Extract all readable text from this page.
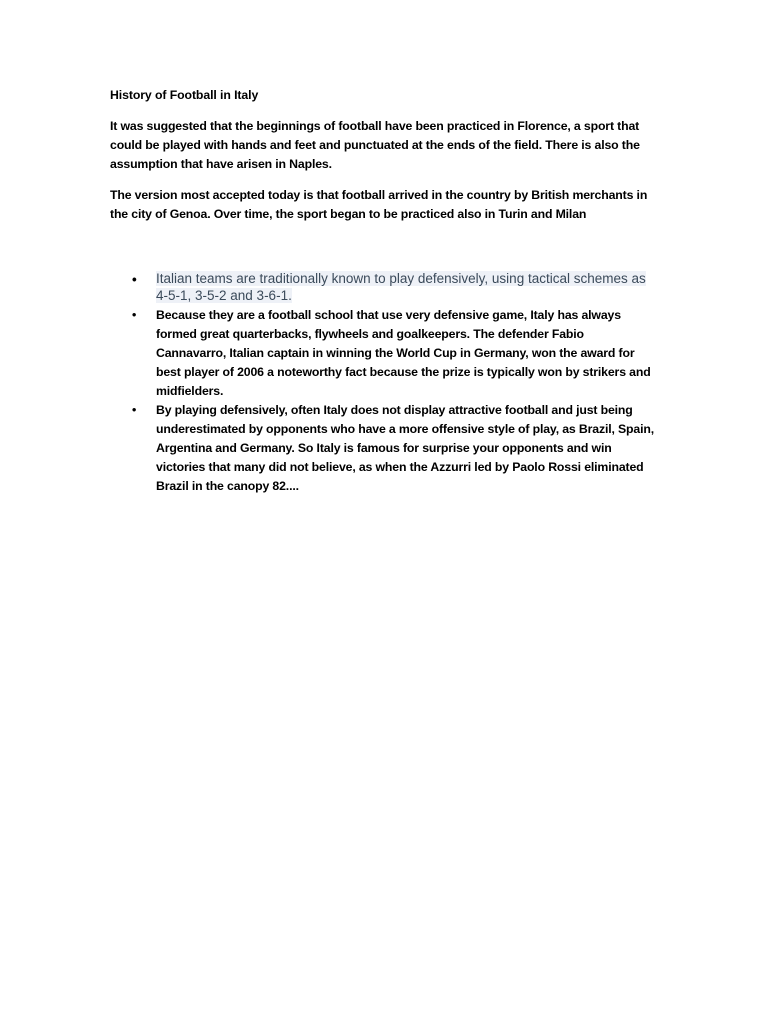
History of Football in Italy

It was suggested that the beginnings of football have been practiced in Florence, a sport that could be played with hands and feet and punctuated at the ends of the field. There is also the assumption that have arisen in Naples.

The version most accepted today is that football arrived in the country by British merchants in the city of Genoa. Over time, the sport began to be practiced also in Turin and Milan

• Italian teams are traditionally known to play defensively, using tactical schemes as 4-5-1, 3-5-2 and 3-6-1.
• Because they are a football school that use very defensive game, Italy has always formed great quarterbacks, flywheels and goalkeepers. The defender Fabio Cannavarro, Italian captain in winning the World Cup in Germany, won the award for best player of 2006 a noteworthy fact because the prize is typically won by strikers and midfielders.
• By playing defensively, often Italy does not display attractive football and just being underestimated by opponents who have a more offensive style of play, as Brazil, Spain, Argentina and Germany. So Italy is famous for surprise your opponents and win victories that many did not believe, as when the Azzurri led by Paolo Rossi eliminated Brazil in the canopy 82....
